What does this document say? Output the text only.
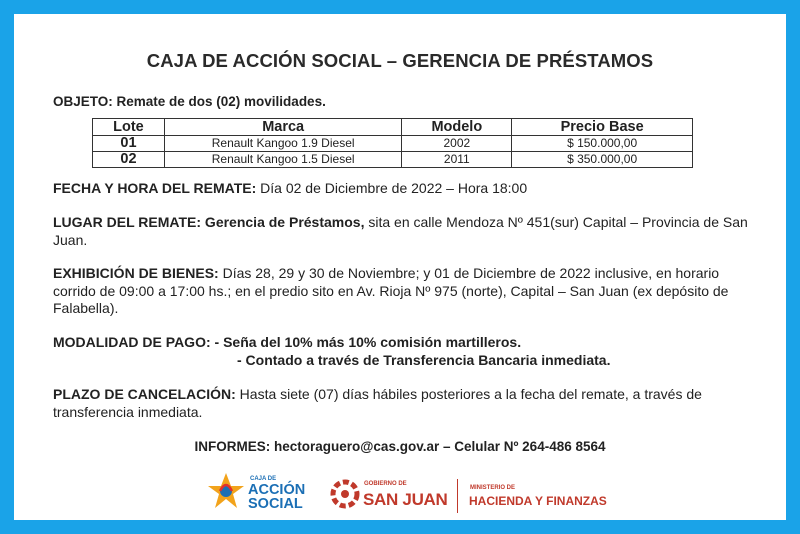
CAJA DE ACCIÓN SOCIAL – GERENCIA DE PRÉSTAMOS
OBJETO: Remate de dos (02) movilidades.
Lote	Marca	Modelo	Precio Base
01	Renault Kangoo 1.9 Diesel	2002	$ 150.000,00
02	Renault Kangoo 1.5 Diesel	2011	$ 350.000,00
FECHA Y HORA DEL REMATE: Día 02 de Diciembre de 2022 – Hora 18:00
LUGAR DEL REMATE: Gerencia de Préstamos, sita en calle Mendoza Nº 451(sur) Capital – Provincia de San Juan.
EXHIBICIÓN DE BIENES: Días 28, 29 y 30 de Noviembre; y 01 de Diciembre de 2022 inclusive, en horario corrido de 09:00 a 17:00 hs.; en el predio sito en Av. Rioja Nº 975 (norte), Capital – San Juan (ex depósito de Falabella).
MODALIDAD DE PAGO: - Seña del 10% más 10% comisión martilleros.
- Contado a través de Transferencia Bancaria inmediata.
PLAZO DE CANCELACIÓN: Hasta siete (07) días hábiles posteriores a la fecha del remate, a través de transferencia inmediata.
INFORMES: hectoraguero@cas.gov.ar – Celular Nº 264-486 8564
CAJA DE
ACCIÓN
SOCIAL
GOBIERNO DE
SAN JUAN
MINISTERIO DE
HACIENDA Y FINANZAS
